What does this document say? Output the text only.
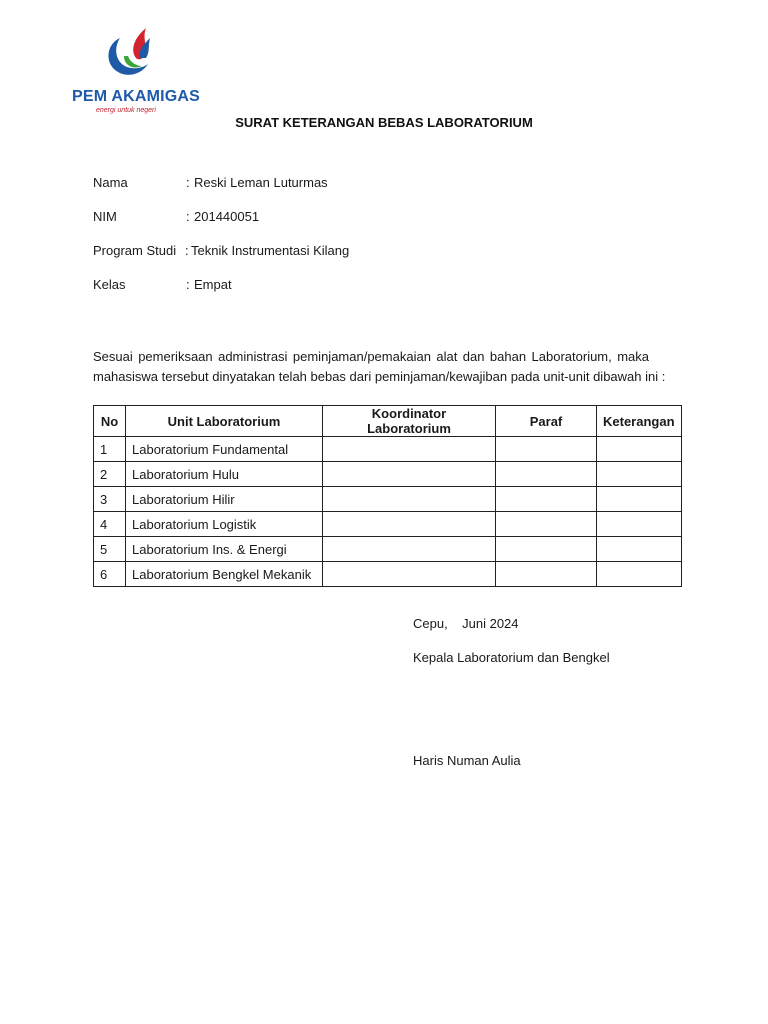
PEM AKAMIGAS
energi untuk negeri
SURAT KETERANGAN BEBAS LABORATORIUM
Nama	: Reski Leman Luturmas
NIM	: 201440051
Program Studi : Teknik Instrumentasi Kilang
Kelas	: Empat
Sesuai pemeriksaan administrasi peminjaman/pemakaian alat dan bahan Laboratorium, maka
mahasiswa tersebut dinyatakan telah bebas dari peminjaman/kewajiban pada unit-unit dibawah ini :
No	Unit Laboratorium	Koordinator Laboratorium	Paraf	Keterangan
1	Laboratorium Fundamental			
2	Laboratorium Hulu			
3	Laboratorium Hilir			
4	Laboratorium Logistik			
5	Laboratorium Ins. & Energi			
6	Laboratorium Bengkel Mekanik			
Cepu,    Juni 2024
Kepala Laboratorium dan Bengkel
Haris Numan Aulia
